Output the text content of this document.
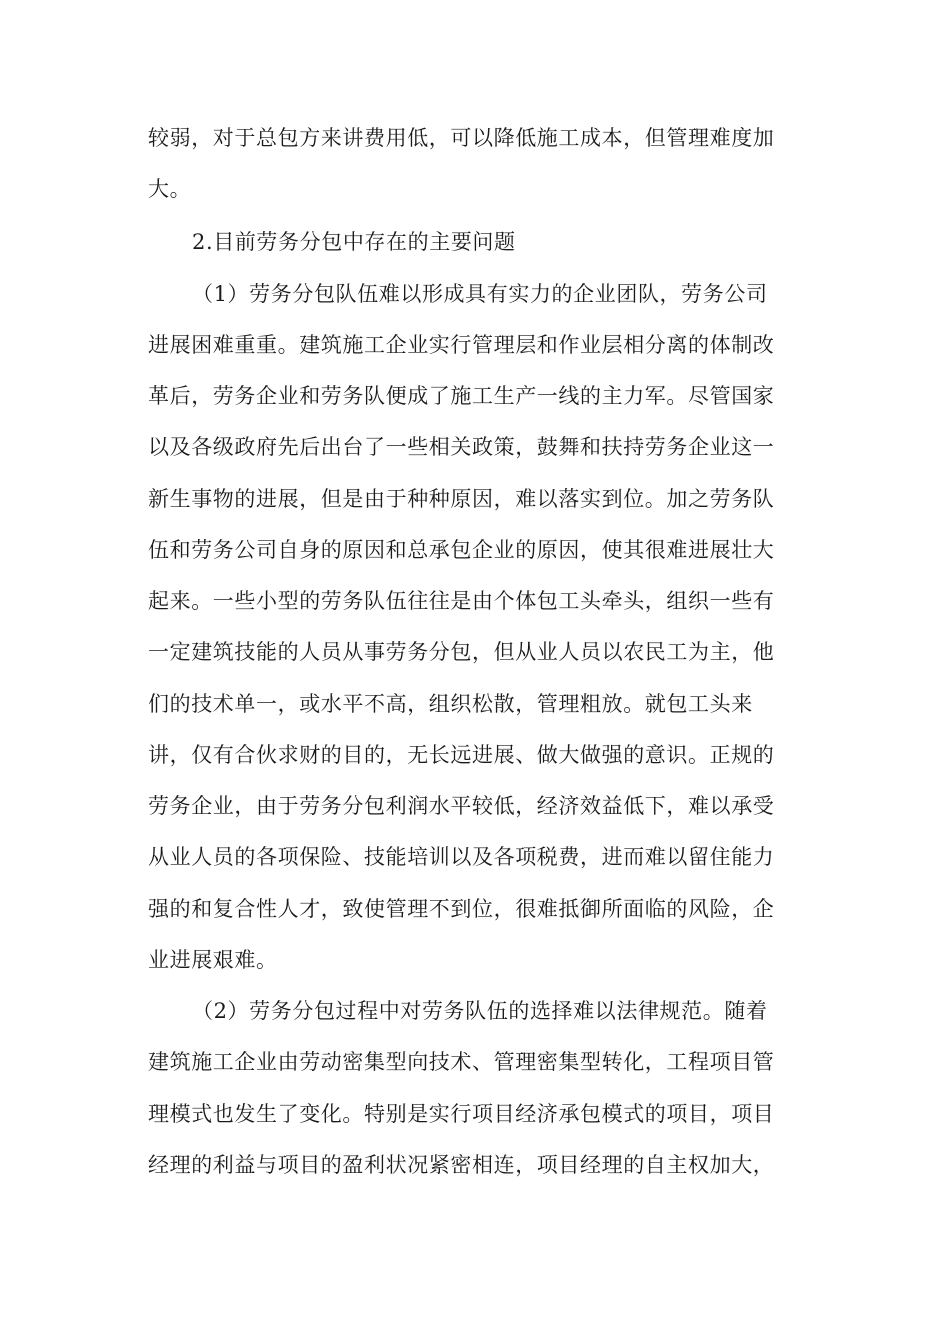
较弱，对于总包方来讲费用低，可以降低施工成本，但管理难度加
大。
2.目前劳务分包中存在的主要问题
（1）劳务分包队伍难以形成具有实力的企业团队，劳务公司
进展困难重重。建筑施工企业实行管理层和作业层相分离的体制改
革后，劳务企业和劳务队便成了施工生产一线的主力军。尽管国家
以及各级政府先后出台了一些相关政策，鼓舞和扶持劳务企业这一
新生事物的进展，但是由于种种原因，难以落实到位。加之劳务队
伍和劳务公司自身的原因和总承包企业的原因，使其很难进展壮大
起来。一些小型的劳务队伍往往是由个体包工头牵头，组织一些有
一定建筑技能的人员从事劳务分包，但从业人员以农民工为主，他
们的技术单一，或水平不高，组织松散，管理粗放。就包工头来
讲，仅有合伙求财的目的，无长远进展、做大做强的意识。正规的
劳务企业，由于劳务分包利润水平较低，经济效益低下，难以承受
从业人员的各项保险、技能培训以及各项税费，进而难以留住能力
强的和复合性人才，致使管理不到位，很难抵御所面临的风险，企
业进展艰难。
（2）劳务分包过程中对劳务队伍的选择难以法律规范。随着
建筑施工企业由劳动密集型向技术、管理密集型转化，工程项目管
理模式也发生了变化。特别是实行项目经济承包模式的项目，项目
经理的利益与项目的盈利状况紧密相连，项目经理的自主权加大，
